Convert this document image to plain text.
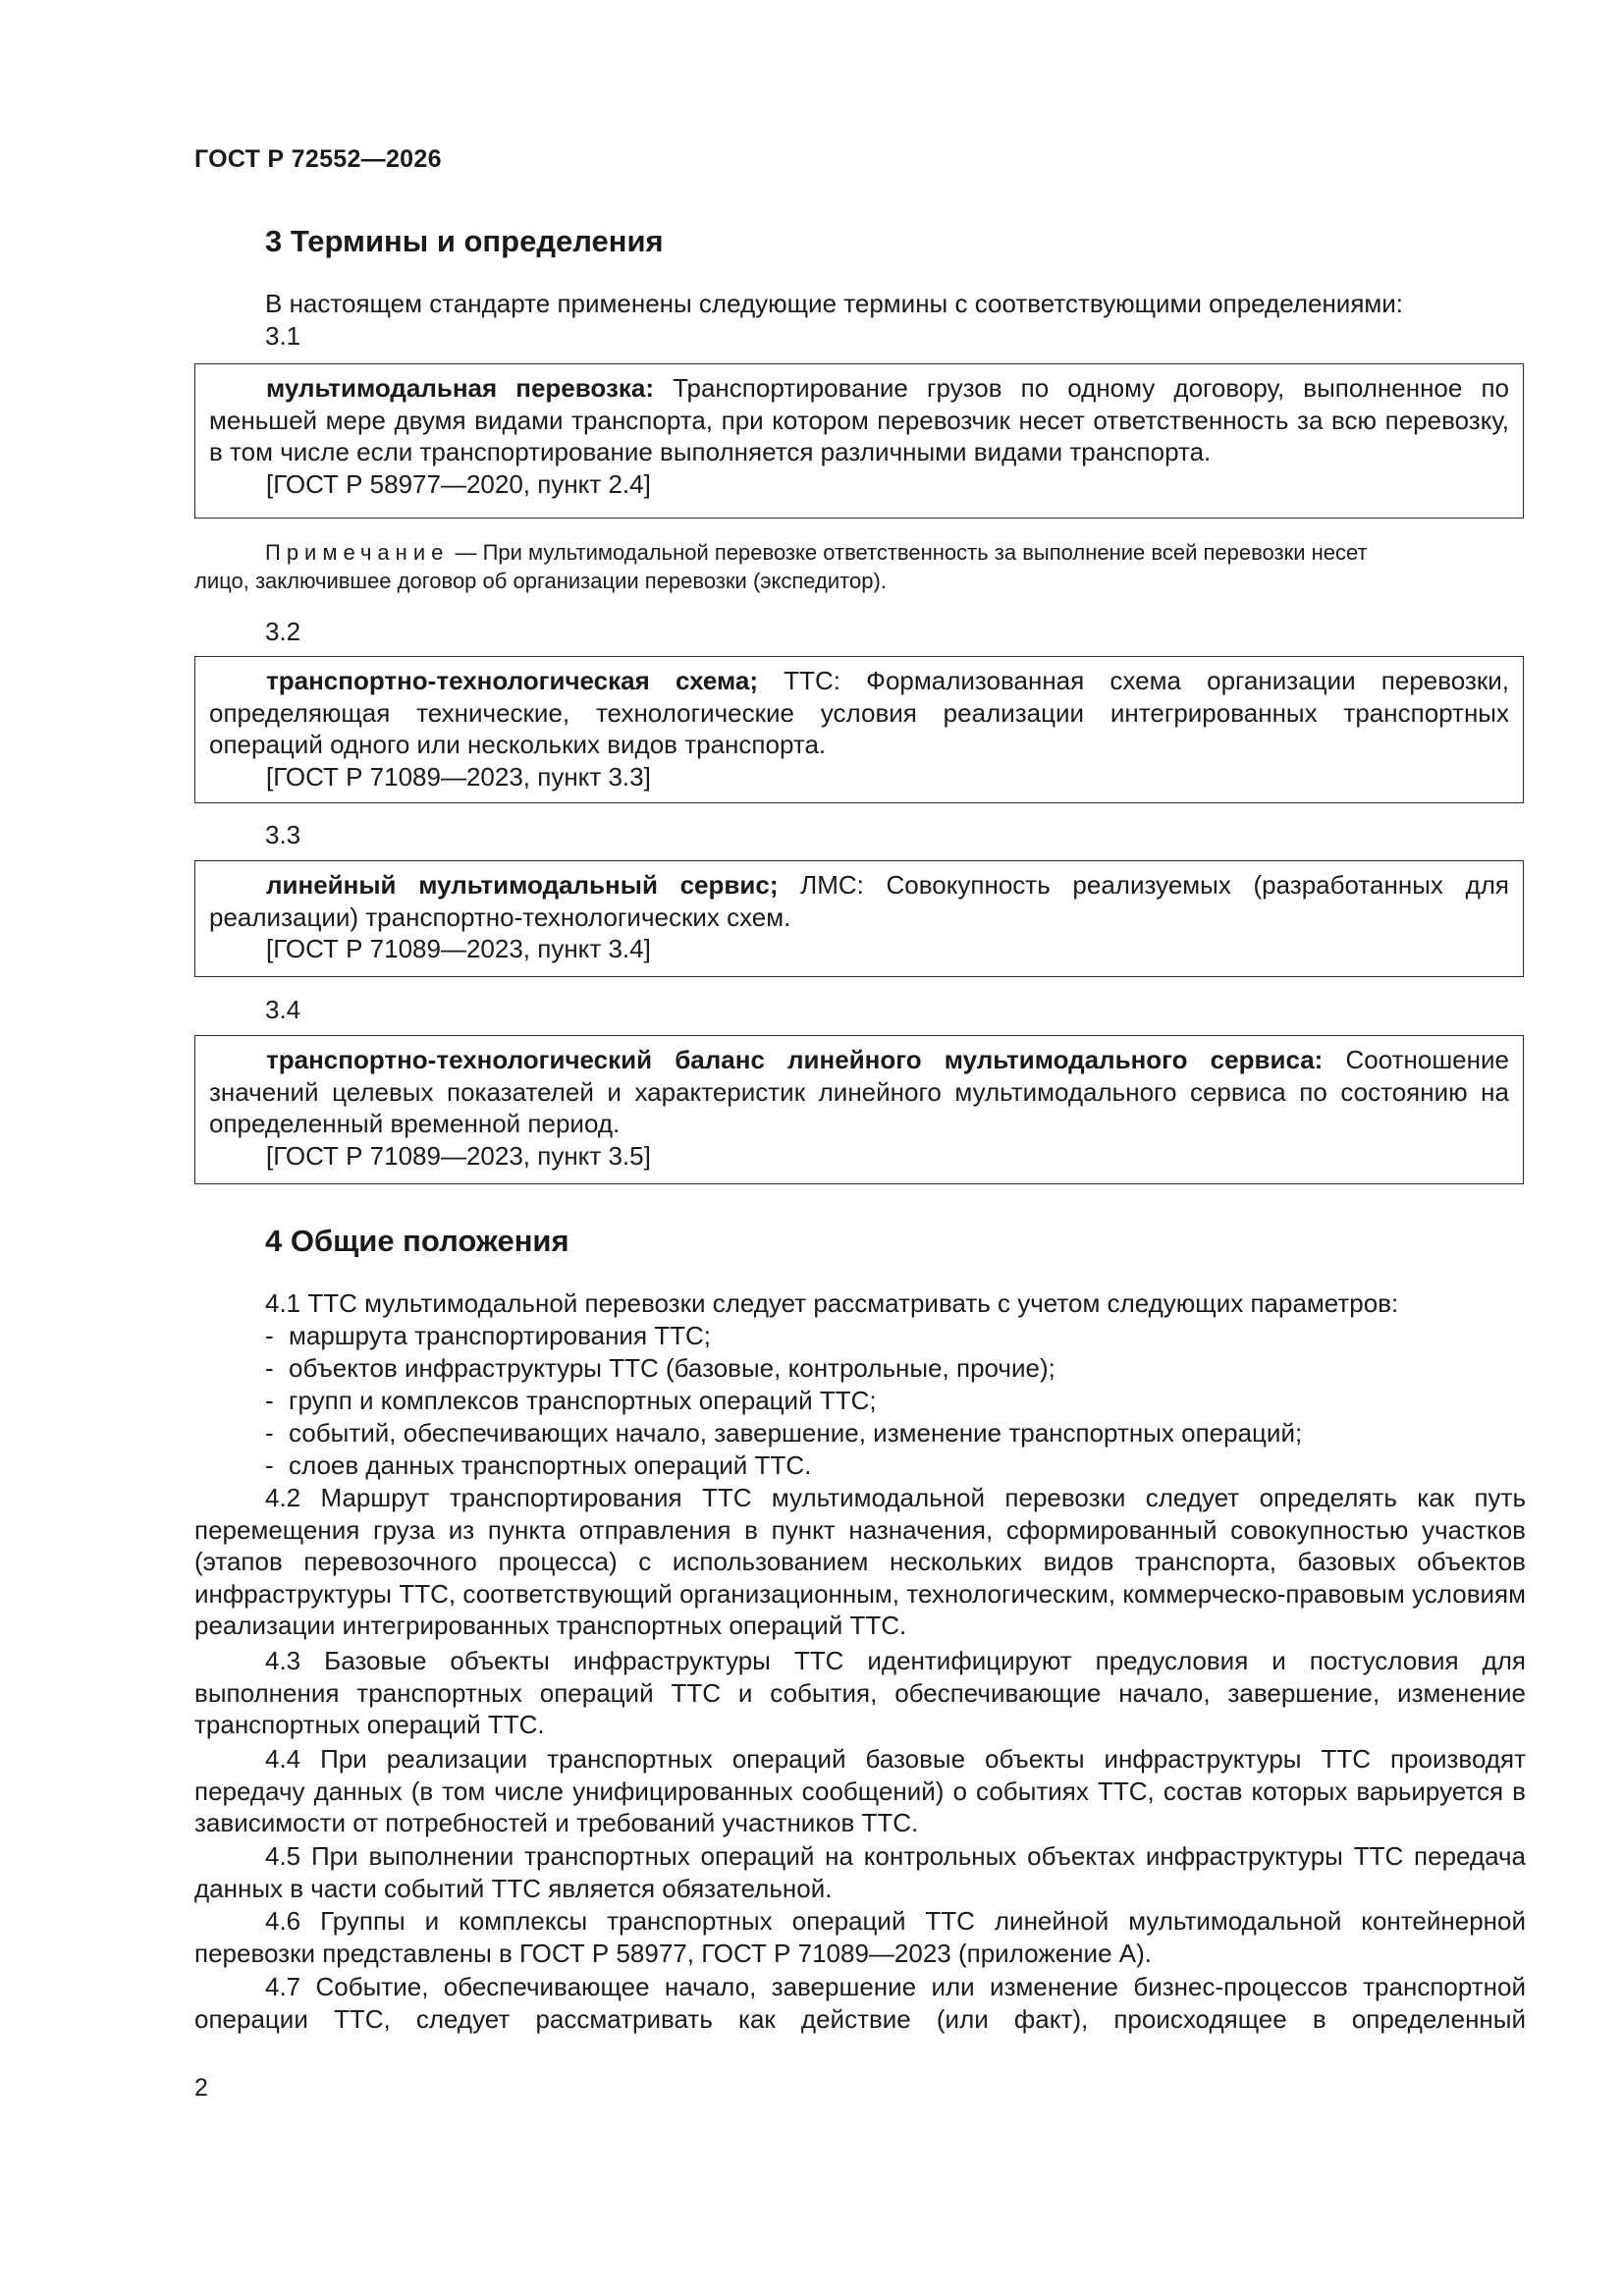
ГОСТ Р 72552—2026
3 Термины и определения

В настоящем стандарте применены следующие термины с соответствующими определениями:

3.1

мультимодальная перевозка: Транспортирование грузов по одному договору, выполненное по меньшей мере двумя видами транспорта, при котором перевозчик несет ответственность за всю перевозку, в том числе если транспортирование выполняется различными видами транспорта.

[ГОСТ Р 58977—2020, пункт 2.4]

Примечание — При мультимодальной перевозке ответственность за выполнение всей перевозки несет

лицо, заключившее договор об организации перевозки (экспедитор).

3.2

транспортно-технологическая схема; ТТС: Формализованная схема организации перевозки, определяющая технические, технологические условия реализации интегрированных транспортных операций одного или нескольких видов транспорта.

[ГОСТ Р 71089—2023, пункт 3.3]

3.3

линейный мультимодальный сервис; ЛМС: Совокупность реализуемых (разработанных для реализации) транспортно-технологических схем.

[ГОСТ Р 71089—2023, пункт 3.4]

3.4

транспортно-технологический баланс линейного мультимодального сервиса: Соотношение значений целевых показателей и характеристик линейного мультимодального сервиса по состоянию на определенный временной период.

[ГОСТ Р 71089—2023, пункт 3.5]

4 Общие положения

4.1 ТТС мультимодальной перевозки следует рассматривать с учетом следующих параметров:

- маршрута транспортирования ТТС;

- объектов инфраструктуры ТТС (базовые, контрольные, прочие);

- групп и комплексов транспортных операций ТТС;

- событий, обеспечивающих начало, завершение, изменение транспортных операций;

- слоев данных транспортных операций ТТС.

4.2 Маршрут транспортирования ТТС мультимодальной перевозки следует определять как путь перемещения груза из пункта отправления в пункт назначения, сформированный совокупностью участков (этапов перевозочного процесса) с использованием нескольких видов транспорта, базовых объектов инфраструктуры ТТС, соответствующий организационным, технологическим, коммерческо-правовым условиям реализации интегрированных транспортных операций ТТС.

4.3 Базовые объекты инфраструктуры ТТС идентифицируют предусловия и постусловия для выполнения транспортных операций ТТС и события, обеспечивающие начало, завершение, изменение транспортных операций ТТС.

4.4 При реализации транспортных операций базовые объекты инфраструктуры ТТС производят передачу данных (в том числе унифицированных сообщений) о событиях ТТС, состав которых варьируется в зависимости от потребностей и требований участников ТТС.

4.5 При выполнении транспортных операций на контрольных объектах инфраструктуры ТТС передача данных в части событий ТТС является обязательной.

4.6 Группы и комплексы транспортных операций ТТС линейной мультимодальной контейнерной перевозки представлены в ГОСТ Р 58977, ГОСТ Р 71089—2023 (приложение А).

4.7 Событие, обеспечивающее начало, завершение или изменение бизнес-процессов транспортной операции ТТС, следует рассматривать как действие (или факт), происходящее в определенный

2
